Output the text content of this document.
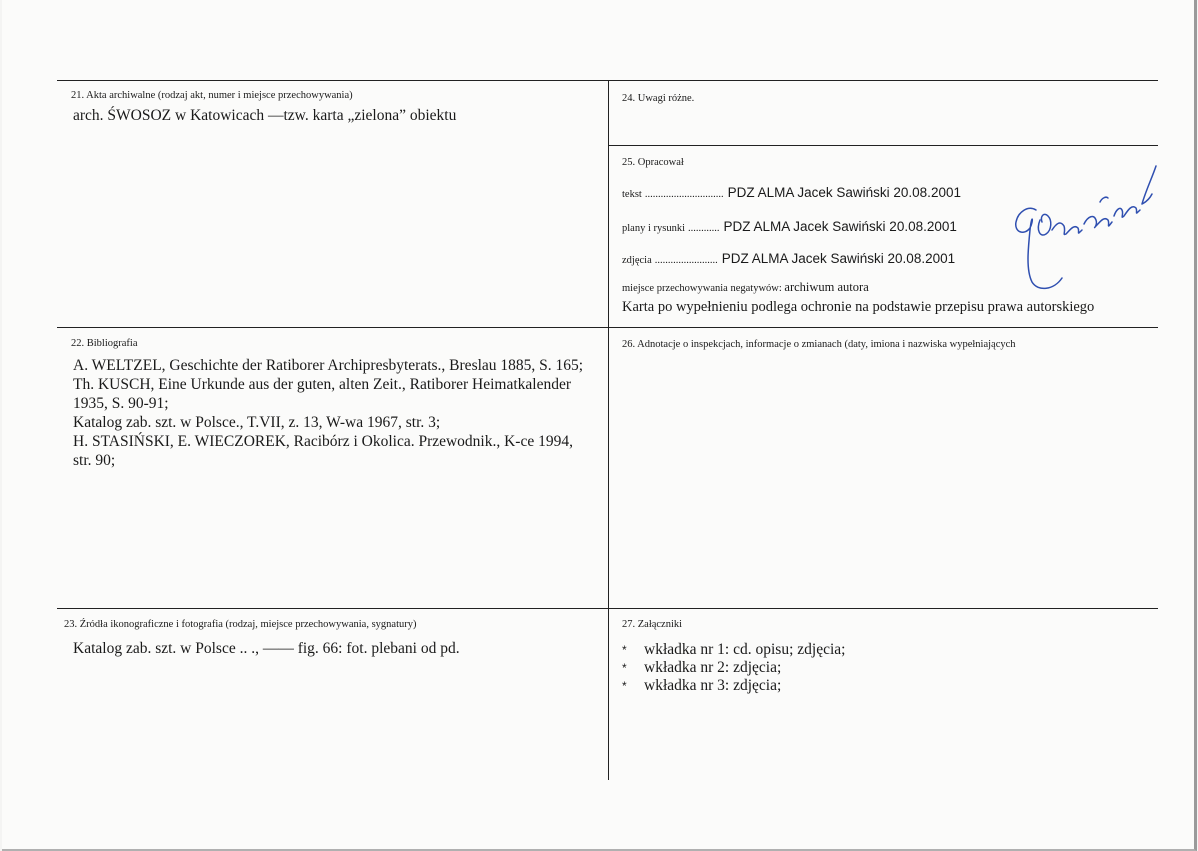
21. Akta archiwalne (rodzaj akt, numer i miejsce przechowywania)
arch. ŚWOSOZ w Katowicach —tzw. karta „zielona” obiektu
24. Uwagi różne.
25. Opracował
tekst .............................. PDZ ALMA Jacek Sawiński 20.08.2001
plany i rysunki ............ PDZ ALMA Jacek Sawiński 20.08.2001
zdjęcia ........................ PDZ ALMA Jacek Sawiński 20.08.2001
miejsce przechowywania negatywów: archiwum autora
Karta po wypełnieniu podlega ochronie na podstawie przepisu prawa autorskiego
22. Bibliografia
A. WELTZEL, Geschichte der Ratiborer Archipresbyterats., Breslau 1885, S. 165;
Th. KUSCH, Eine Urkunde aus der guten, alten Zeit., Ratiborer Heimatkalender
1935, S. 90-91;
Katalog zab. szt. w Polsce., T.VII, z. 13, W-wa 1967, str. 3;
H. STASIŃSKI, E. WIECZOREK, Racibórz i Okolica. Przewodnik., K-ce 1994,
str. 90;
26. Adnotacje o inspekcjach, informacje o zmianach (daty, imiona i nazwiska wypełniających
23. Źródła ikonograficzne i fotografia (rodzaj, miejsce przechowywania, sygnatury)
Katalog zab. szt. w Polsce .. ., —— fig. 66: fot. plebani od pd.
27. Załączniki
* wkładka nr 1: cd. opisu; zdjęcia;
* wkładka nr 2: zdjęcia;
* wkładka nr 3: zdjęcia;
